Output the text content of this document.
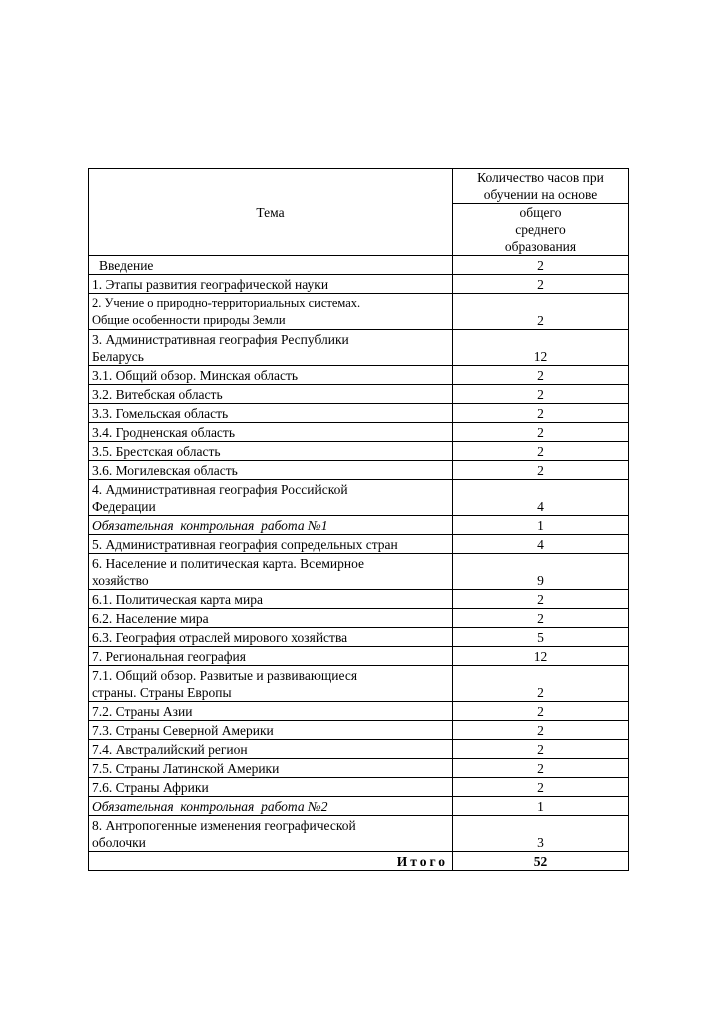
Тема	Количество часов при
обучении на основе

	общего
среднего
образования

Введение	2
1. Этапы развития географической науки	2

2. Учение о природно-территориальных системах.
Общие особенности природы Земли	2

3. Административная география Республики
Беларусь	12
3.1. Общий обзор. Минская область	2
3.2. Витебская область	2
3.3. Гомельская область	2
3.4. Гродненская область	2
3.5. Брестская область	2
3.6. Могилевская область	2

4. Административная география Российской
Федерации	4
Обязательная  контрольная  работа №1	1
5. Административная география сопредельных стран	4

6. Население и политическая карта. Всемирное
хозяйство	9
6.1. Политическая карта мира	2
6.2. Население мира	2
6.3. География отраслей мирового хозяйства	5
7. Региональная география	12

7.1. Общий обзор. Развитые и развивающиеся
страны. Страны Европы	2
7.2. Страны Азии	2
7.3. Страны Северной Америки	2
7.4. Австралийский регион	2
7.5. Страны Латинской Америки	2
7.6. Страны Африки	2
Обязательная  контрольная  работа №2	1

8. Антропогенные изменения географической
оболочки	3
Итого	52
